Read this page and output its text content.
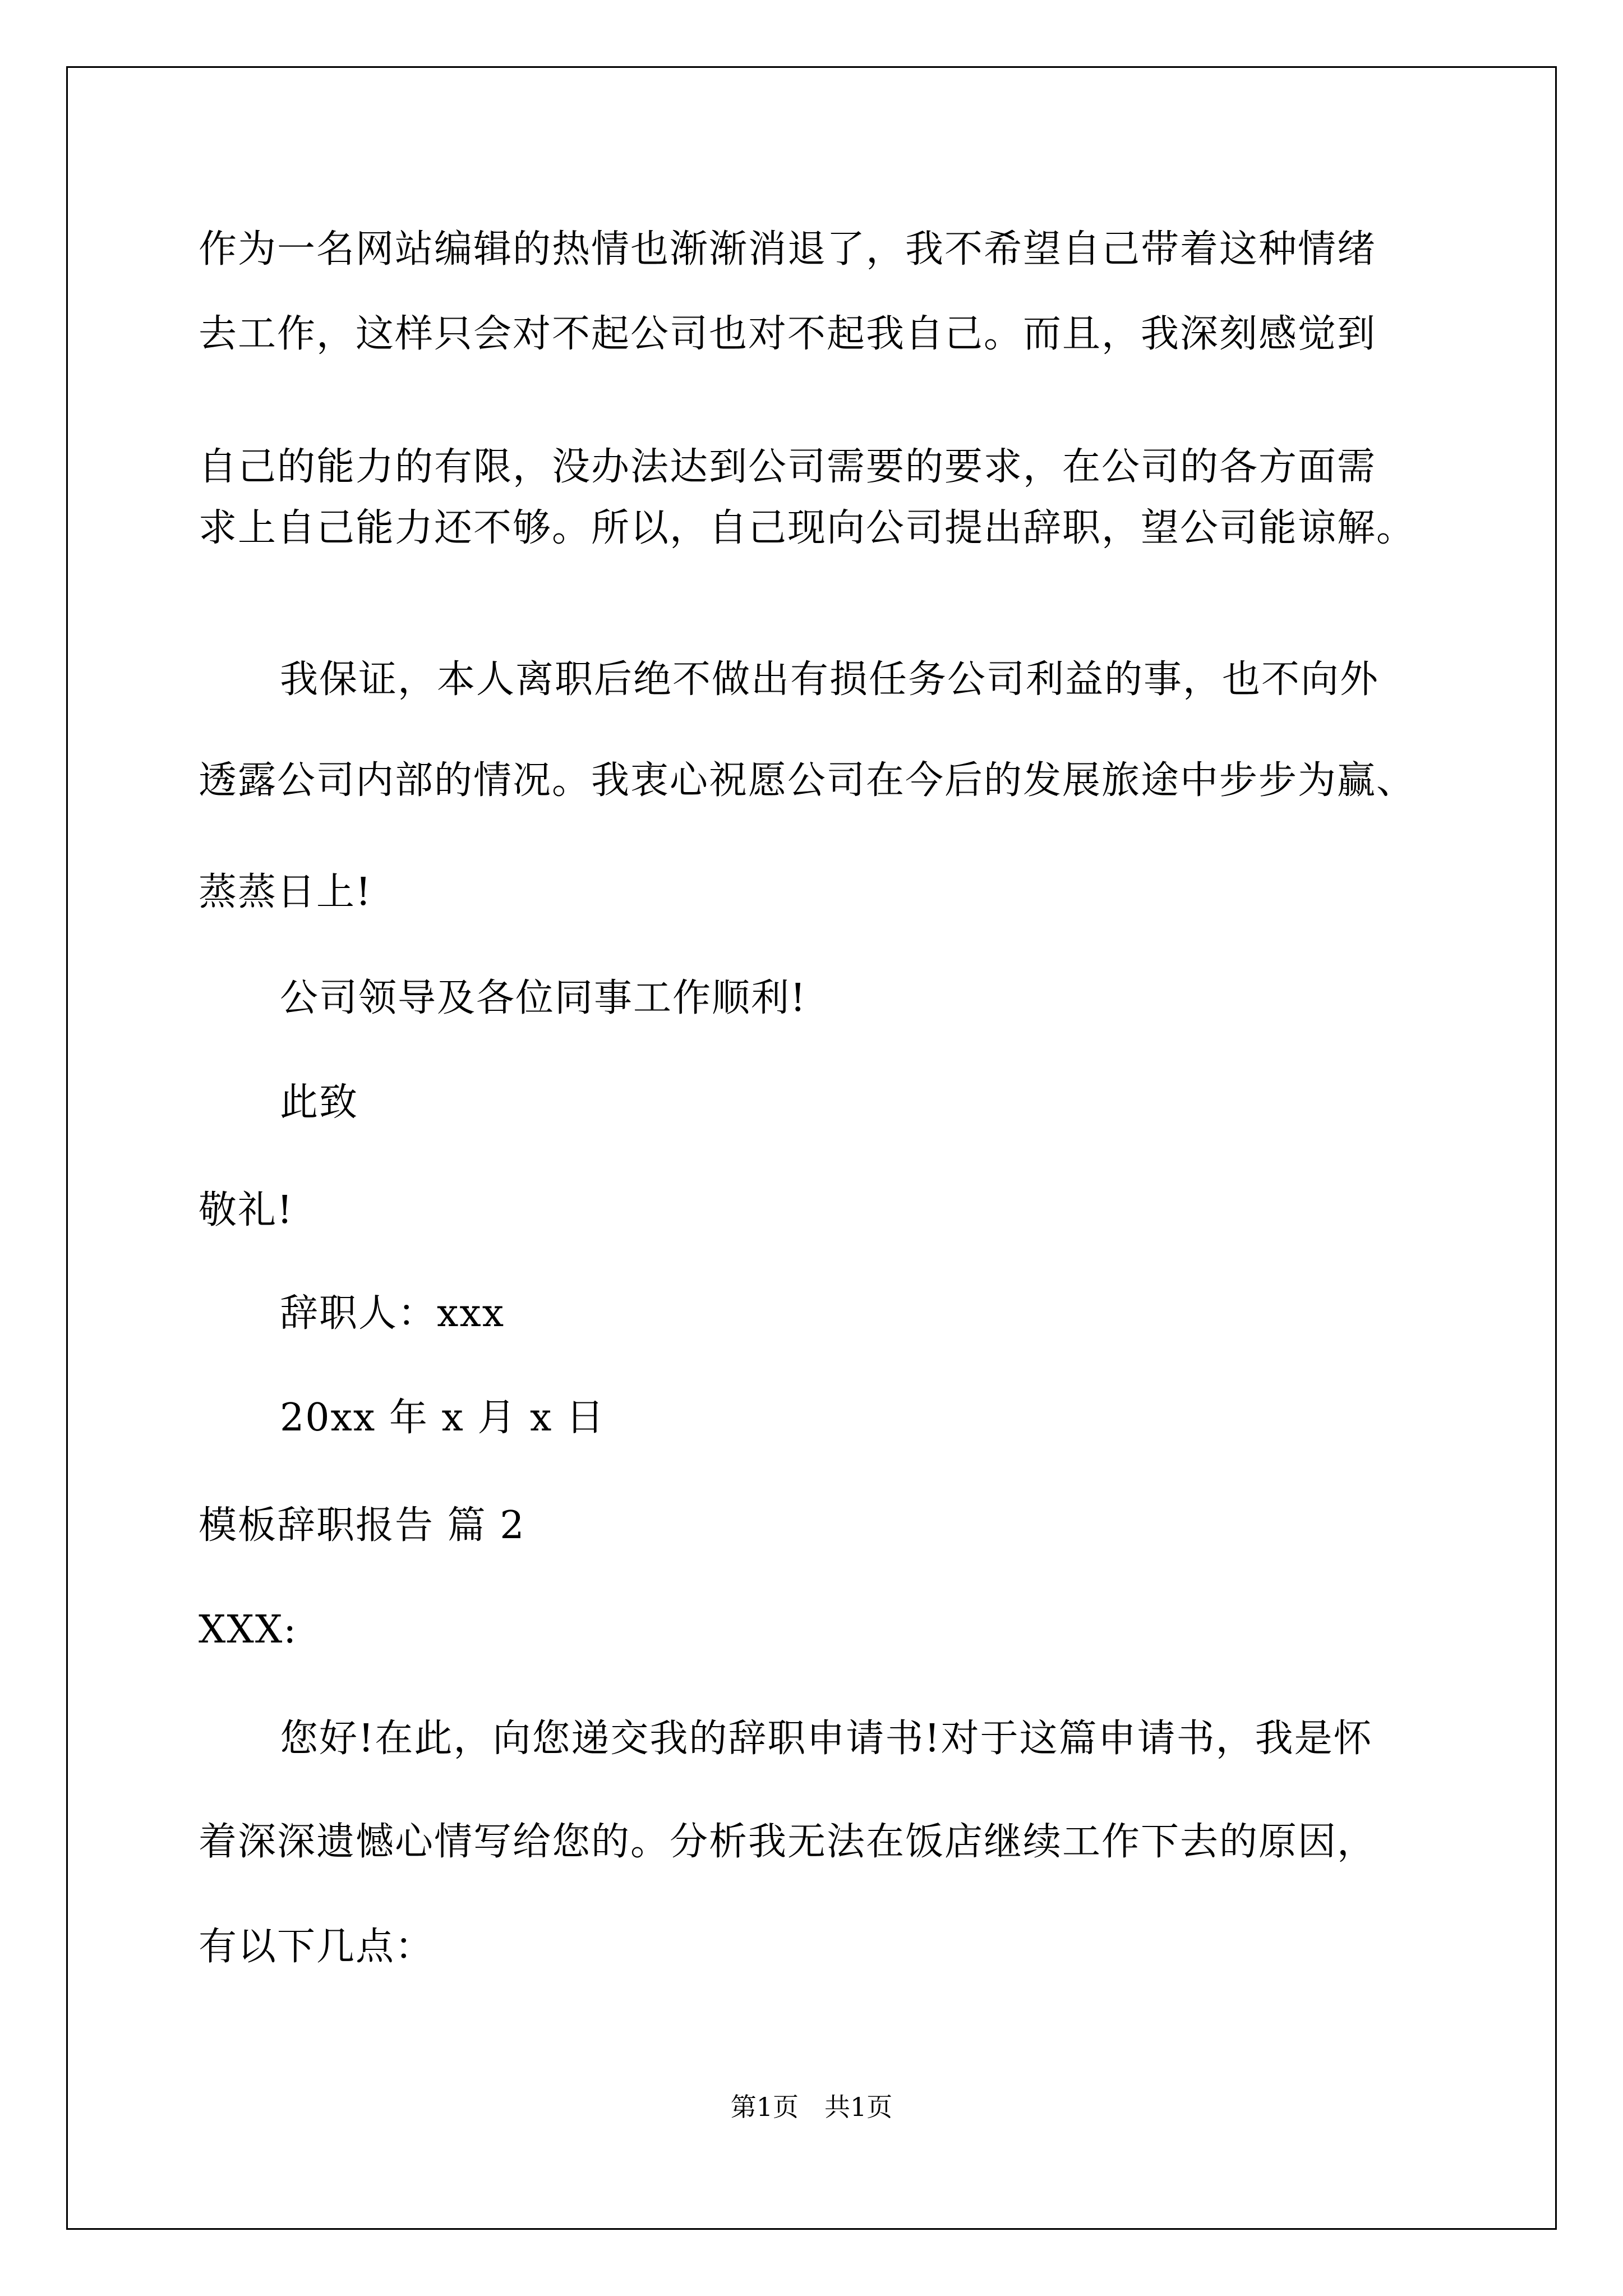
作为一名网站编辑的热情也渐渐消退了，我不希望自己带着这种情绪
去工作，这样只会对不起公司也对不起我自己。而且，我深刻感觉到
自己的能力的有限，没办法达到公司需要的要求，在公司的各方面需
求上自己能力还不够。所以，自己现向公司提出辞职，望公司能谅解。
我保证，本人离职后绝不做出有损任务公司利益的事，也不向外
透露公司内部的情况。我衷心祝愿公司在今后的发展旅途中步步为赢、
蒸蒸日上!
公司领导及各位同事工作顺利!
此致
敬礼!
辞职人：xxx
20xx 年 x 月 x 日
模板辞职报告 篇 2
XXX:
您好!在此，向您递交我的辞职申请书!对于这篇申请书，我是怀
着深深遗憾心情写给您的。分析我无法在饭店继续工作下去的原因，
有以下几点：
第1页　共1页
